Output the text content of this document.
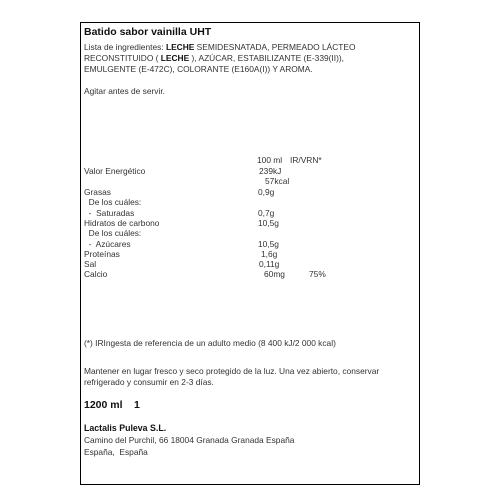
Batido sabor vainilla UHT
Lista de ingredientes: LECHE SEMIDESNATADA, PERMEADO LÁCTEO
RECONSTITUIDO ( LECHE ), AZÚCAR, ESTABILIZANTE (E-339(II)),
EMULGENTE (E-472C), COLORANTE (E160A(I)) Y AROMA.
Agitar antes de servir.
100 ml IR/VRN*
Valor Energético	239kJ
57kcal
Grasas	0,9g
De los cuáles:
-  Saturadas	0,7g
Hidratos de carbono	10,5g
De los cuáles:
-  Azúcares	10,5g
Proteínas	1,6g
Sal	0,11g
Calcio	60mg	75%
(*) IRIngesta de referencia de un adulto medio (8 400 kJ/2 000 kcal)
Mantener en lugar fresco y seco protegido de la luz. Una vez abierto, conservar
refrigerado y consumir en 2-3 días.
1200 ml 1
Lactalis Puleva S.L.
Camino del Purchil, 66 18004 Granada Granada España
España,  España
